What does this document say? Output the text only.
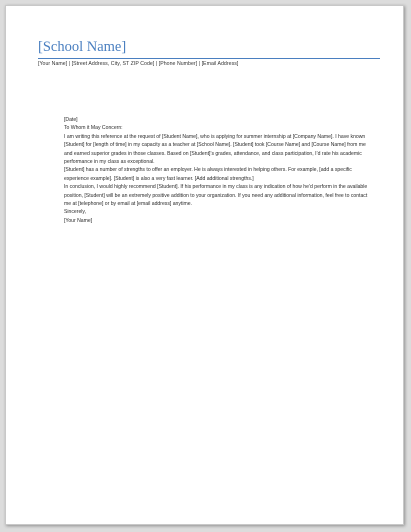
[School Name]
[Your Name] | [Street Address, City, ST ZIP Code] | [Phone Number] | [Email Address]

[Date]

To Whom it May Concern:

I am writing this reference at the request of [Student Name], who is applying for summer internship at [Company Name]. I have known [Student] for [length of time] in my capacity as a teacher at [School Name]. [Student] took [Course Name] and [Course Name] from me and earned superior grades in those classes. Based on [Student]’s grades, attendance, and class participation, I’d rate his academic performance in my class as exceptional.

[Student] has a number of strengths to offer an employer. He is always interested in helping others. For example, [add a specific experience example]. [Student] is also a very fast learner. [Add additional strengths.]

In conclusion, I would highly recommend [Student]. If his performance in my class is any indication of how he’d perform in the available position, [Student] will be an extremely positive addition to your organization. If you need any additional information, feel free to contact me at [telephone] or by email at [email address] anytime.

Sincerely,

[Your Name]
